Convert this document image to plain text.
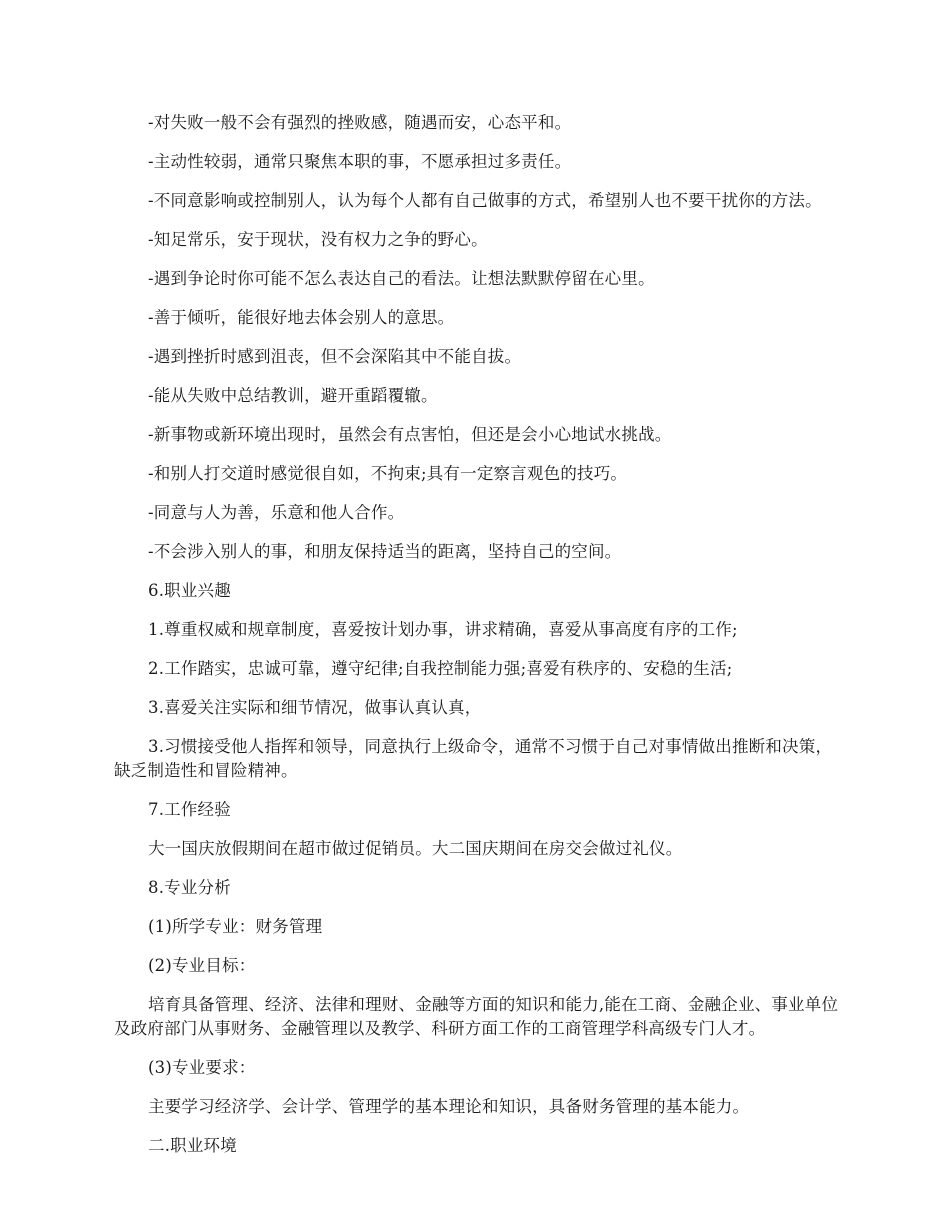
-对失败一般不会有强烈的挫败感，随遇而安，心态平和。

-主动性较弱，通常只聚焦本职的事，不愿承担过多责任。

-不同意影响或控制别人，认为每个人都有自己做事的方式，希望别人也不要干扰你的方法。

-知足常乐，安于现状，没有权力之争的野心。

-遇到争论时你可能不怎么表达自己的看法。让想法默默停留在心里。

-善于倾听，能很好地去体会别人的意思。

-遇到挫折时感到沮丧，但不会深陷其中不能自拔。

-能从失败中总结教训，避开重蹈覆辙。

-新事物或新环境出现时，虽然会有点害怕，但还是会小心地试水挑战。

-和别人打交道时感觉很自如，不拘束;具有一定察言观色的技巧。

-同意与人为善，乐意和他人合作。

-不会涉入别人的事，和朋友保持适当的距离，坚持自己的空间。

6.职业兴趣

1.尊重权威和规章制度，喜爱按计划办事，讲求精确，喜爱从事高度有序的工作;

2.工作踏实，忠诚可靠，遵守纪律;自我控制能力强;喜爱有秩序的、安稳的生活;

3.喜爱关注实际和细节情况，做事认真认真，

3.习惯接受他人指挥和领导，同意执行上级命令，通常不习惯于自己对事情做出推断和决策，缺乏制造性和冒险精神。

7.工作经验

大一国庆放假期间在超市做过促销员。大二国庆期间在房交会做过礼仪。

8.专业分析

(1)所学专业：财务管理

(2)专业目标：

培育具备管理、经济、法律和理财、金融等方面的知识和能力,能在工商、金融企业、事业单位及政府部门从事财务、金融管理以及教学、科研方面工作的工商管理学科高级专门人才。

(3)专业要求：

主要学习经济学、会计学、管理学的基本理论和知识，具备财务管理的基本能力。

二.职业环境
